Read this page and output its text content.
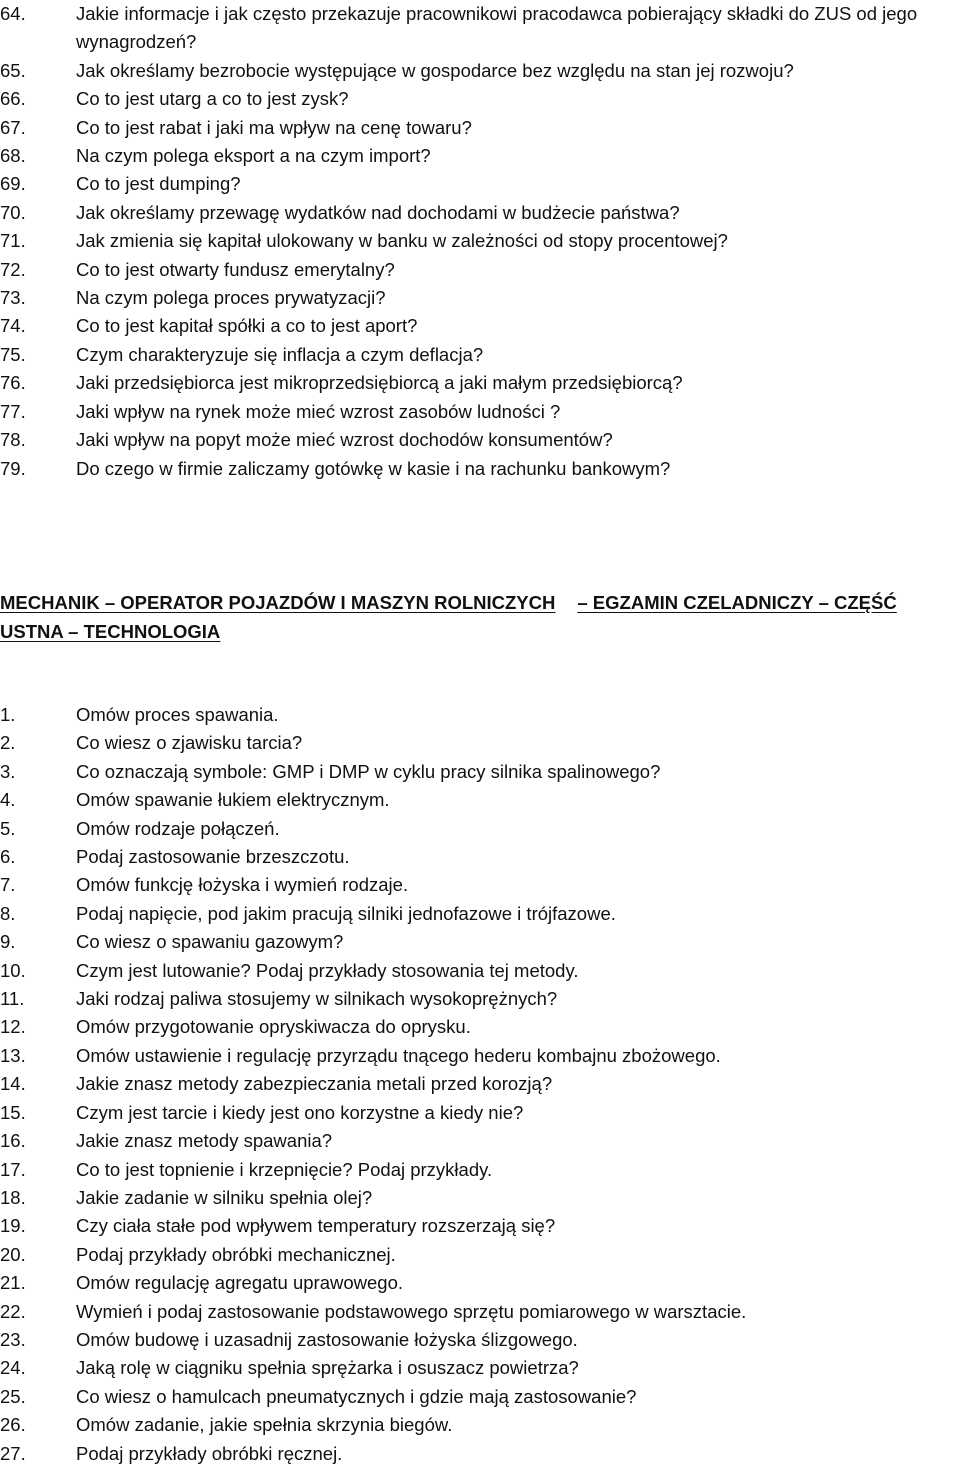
64.	Jakie informacje i jak często przekazuje pracownikowi pracodawca pobierający składki do ZUS od jego wynagrodzeń?
65.	Jak określamy bezrobocie występujące w gospodarce bez względu na stan jej rozwoju?
66.	Co to jest utarg a co to jest zysk?
67.	Co to jest rabat i jaki ma wpływ na cenę towaru?
68.	Na czym polega eksport a na czym import?
69.	Co to jest dumping?
70.	Jak określamy przewagę wydatków nad dochodami w budżecie państwa?
71.	Jak zmienia się kapitał ulokowany w banku w zależności od stopy procentowej?
72.	Co to jest otwarty fundusz emerytalny?
73.	Na czym polega proces prywatyzacji?
74.	Co to jest kapitał spółki a co to jest aport?
75.	Czym charakteryzuje się inflacja a czym deflacja?
76.	Jaki przedsiębiorca jest mikroprzedsiębiorcą a jaki małym przedsiębiorcą?
77.	Jaki wpływ na rynek może mieć wzrost zasobów ludności ?
78.	Jaki wpływ na popyt może mieć wzrost dochodów konsumentów?
79.	Do czego w firmie zaliczamy gotówkę w kasie i na rachunku bankowym?
MECHANIK – OPERATOR POJAZDÓW I MASZYN ROLNICZYCH – EGZAMIN CZELADNICZY – CZĘŚĆ USTNA – TECHNOLOGIA
1.	Omów proces spawania.
2.	Co wiesz o zjawisku tarcia?
3.	Co oznaczają symbole: GMP i DMP w cyklu pracy silnika spalinowego?
4.	Omów spawanie łukiem elektrycznym.
5.	Omów rodzaje połączeń.
6.	Podaj zastosowanie brzeszczotu.
7.	Omów funkcję łożyska i wymień rodzaje.
8.	Podaj napięcie, pod jakim pracują silniki jednofazowe i trójfazowe.
9.	Co wiesz o spawaniu gazowym?
10.	Czym jest lutowanie? Podaj przykłady stosowania tej metody.
11.	Jaki rodzaj paliwa stosujemy w silnikach wysokoprężnych?
12.	Omów przygotowanie opryskiwacza do oprysku.
13.	Omów ustawienie i regulację przyrządu tnącego hederu kombajnu zbożowego.
14.	Jakie znasz metody zabezpieczania metali przed korozją?
15.	Czym jest tarcie i kiedy jest ono korzystne a kiedy nie?
16.	Jakie znasz metody spawania?
17.	Co to jest topnienie i krzepnięcie? Podaj przykłady.
18.	Jakie zadanie w silniku spełnia olej?
19.	Czy ciała stałe pod wpływem temperatury rozszerzają się?
20.	Podaj przykłady obróbki mechanicznej.
21.	Omów regulację agregatu uprawowego.
22.	Wymień i podaj zastosowanie podstawowego sprzętu pomiarowego w warsztacie.
23.	Omów budowę i uzasadnij zastosowanie łożyska ślizgowego.
24.	Jaką rolę w ciągniku spełnia sprężarka i osuszacz powietrza?
25.	Co wiesz o hamulcach pneumatycznych i gdzie mają zastosowanie?
26.	Omów zadanie, jakie spełnia skrzynia biegów.
27.	Podaj przykłady obróbki ręcznej.
